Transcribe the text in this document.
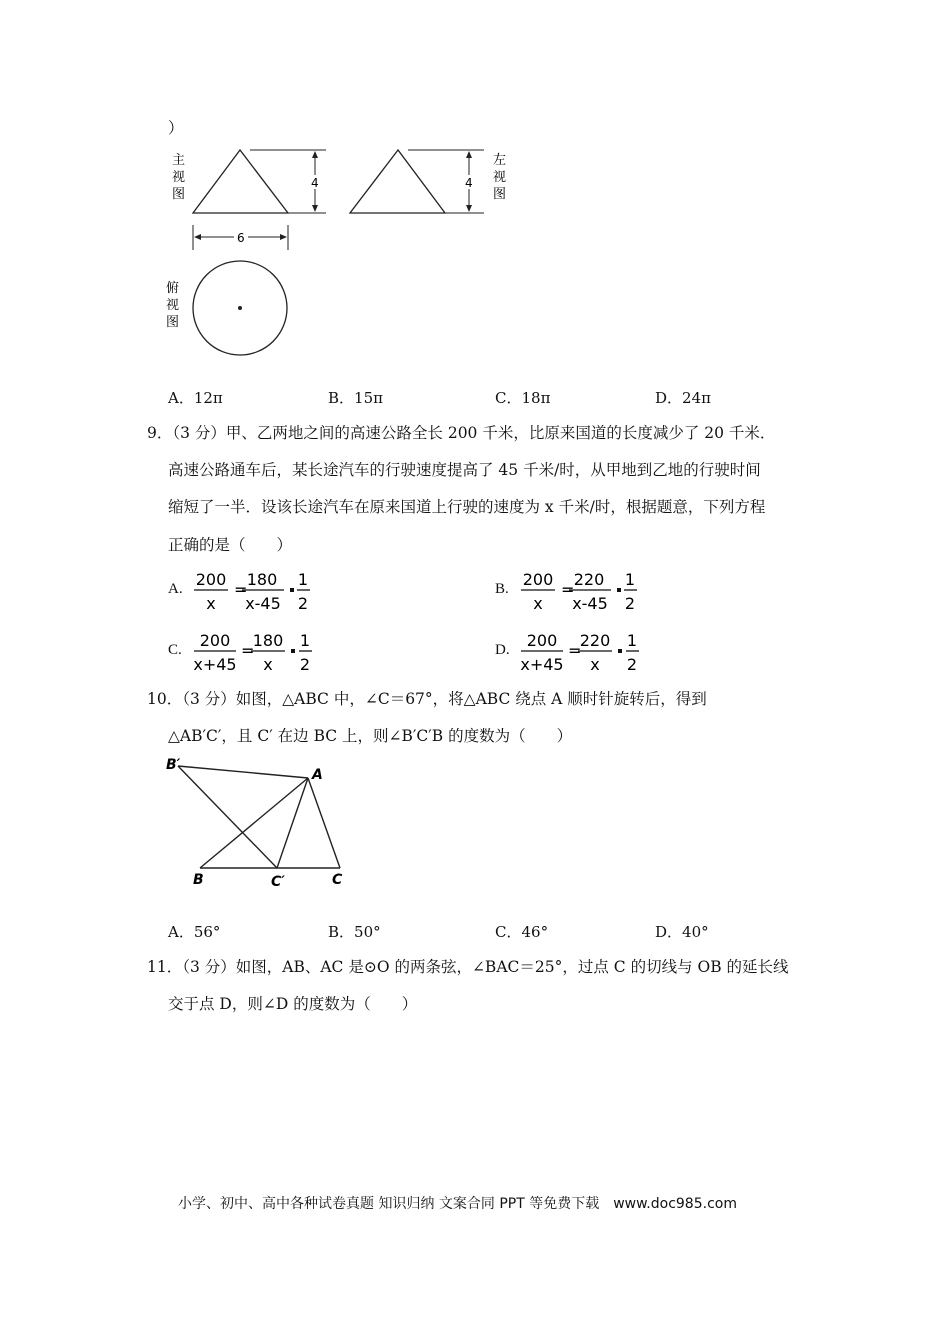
）
主
视
图
4	4
左
视
图
6
俯
视
图
A．12π	B．15π	C．18π	D．24π
9．（3 分）甲、乙两地之间的高速公路全长 200 千米，比原来国道的长度减少了 20 千米．
高速公路通车后，某长途汽车的行驶速度提高了 45 千米/时，从甲地到乙地的行驶时间
缩短了一半．设该长途汽车在原来国道上行驶的速度为 x 千米/时，根据题意，下列方程
正确的是（　　）
A. 200
x
=
180
x-45
1
2
B. 200
x
=
220
x-45
1
2
C. 200
x+45
=
180
x
1
2
D. 200
x+45
=
220
x
1
2
10．（3 分）如图，△ABC 中，∠C＝67°，将△ABC 绕点 A 顺时针旋转后，得到
△AB′C′，且 C′ 在边 BC 上，则∠B′C′B 的度数为（　　）
B′
A
B	C′	C
A．56°	B．50°	C．46°	D．40°
11．（3 分）如图，AB、AC 是⊙O 的两条弦，∠BAC＝25°，过点 C 的切线与 OB 的延长线
交于点 D，则∠D 的度数为（　　）
小学、初中、高中各种试卷真题 知识归纳 文案合同 PPT 等免费下载　www.doc985.com
